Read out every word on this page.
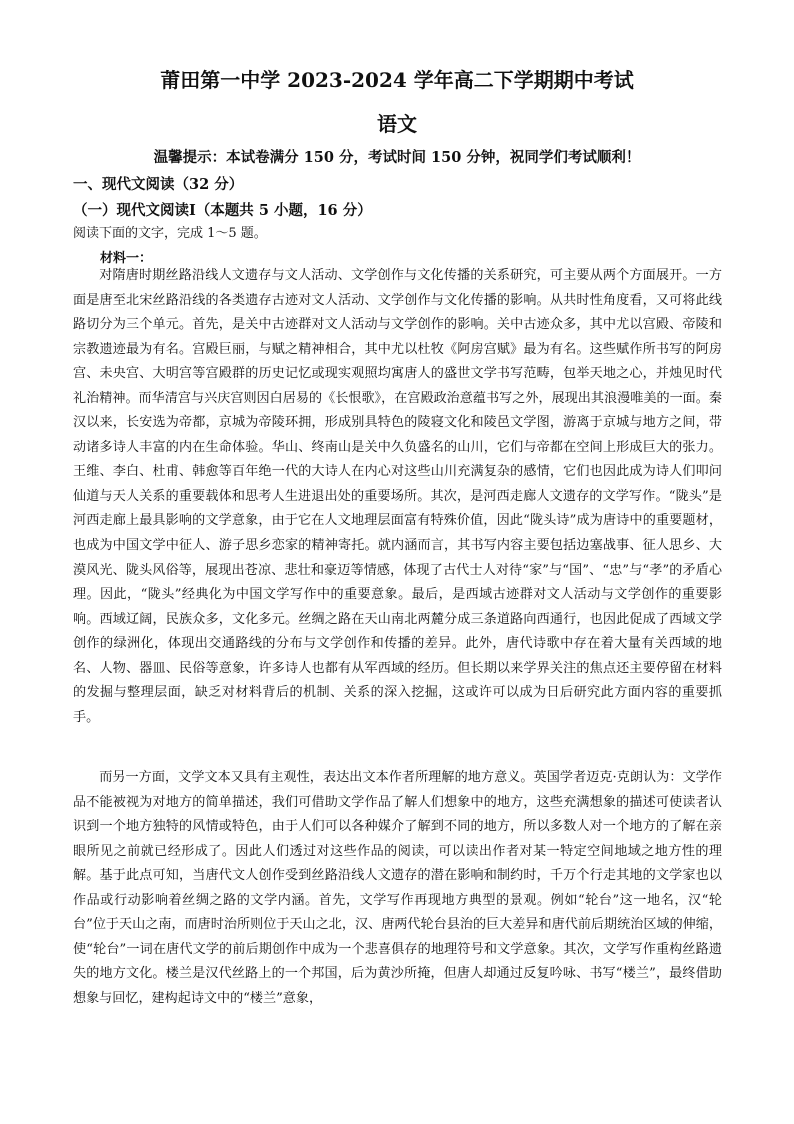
莆田第一中学 2023-2024 学年高二下学期期中考试
语文
温馨提示：本试卷满分 150 分，考试时间 150 分钟，祝同学们考试顺利！
一、现代文阅读（32 分）
（一）现代文阅读Ⅰ（本题共 5 小题，16 分）
阅读下面的文字，完成 1～5 题。
材料一：

对隋唐时期丝路沿线人文遗存与文人活动、文学创作与文化传播的关系研究，可主要从两个方面展开。一方面是唐至北宋丝路沿线的各类遗存古迹对文人活动、文学创作与文化传播的影响。从共时性角度看，又可将此线路切分为三个单元。首先，是关中古迹群对文人活动与文学创作的影响。关中古迹众多，其中尤以宫殿、帝陵和宗教遗迹最为有名。宫殿巨丽，与赋之精神相合，其中尤以杜牧《阿房宫赋》最为有名。这些赋作所书写的阿房宫、未央宫、大明宫等宫殿群的历史记忆或现实观照均寓唐人的盛世文学书写范畴，包举天地之心，并烛见时代礼治精神。而华清宫与兴庆宫则因白居易的《长恨歌》，在宫殿政治意蕴书写之外，展现出其浪漫唯美的一面。秦汉以来，长安选为帝都，京城为帝陵环拥，形成别具特色的陵寝文化和陵邑文学图，游离于京城与地方之间，带动诸多诗人丰富的内在生命体验。华山、终南山是关中久负盛名的山川，它们与帝都在空间上形成巨大的张力。王维、李白、杜甫、韩愈等百年绝一代的大诗人在内心对这些山川充满复杂的感情，它们也因此成为诗人们叩问仙道与天人关系的重要载体和思考人生进退出处的重要场所。其次，是河西走廊人文遗存的文学写作。“陇头”是河西走廊上最具影响的文学意象，由于它在人文地理层面富有特殊价值，因此“陇头诗”成为唐诗中的重要题材，也成为中国文学中征人、游子思乡恋家的精神寄托。就内涵而言，其书写内容主要包括边塞战事、征人思乡、大漠风光、陇头风俗等，展现出苍凉、悲壮和豪迈等情感，体现了古代士人对待“家”与“国”、“忠”与“孝”的矛盾心理。因此，“陇头”经典化为中国文学写作中的重要意象。最后，是西域古迹群对文人活动与文学创作的重要影响。西域辽阔，民族众多，文化多元。丝绸之路在天山南北两麓分成三条道路向西通行，也因此促成了西域文学创作的绿洲化，体现出交通路线的分布与文学创作和传播的差异。此外，唐代诗歌中存在着大量有关西域的地名、人物、器皿、民俗等意象，许多诗人也都有从军西域的经历。但长期以来学界关注的焦点还主要停留在材料的发掘与整理层面，缺乏对材料背后的机制、关系的深入挖掘，这或许可以成为日后研究此方面内容的重要抓手。

而另一方面，文学文本又具有主观性，表达出文本作者所理解的地方意义。英国学者迈克·克朗认为：文学作品不能被视为对地方的简单描述，我们可借助文学作品了解人们想象中的地方，这些充满想象的描述可使读者认识到一个地方独特的风情或特色，由于人们可以各种媒介了解到不同的地方，所以多数人对一个地方的了解在亲眼所见之前就已经形成了。因此人们透过对这些作品的阅读，可以读出作者对某一特定空间地域之地方性的理解。基于此点可知，当唐代文人创作受到丝路沿线人文遗存的潜在影响和制约时，千万个行走其地的文学家也以作品或行动影响着丝绸之路的文学内涵。首先，文学写作再现地方典型的景观。例如“轮台”这一地名，汉“轮台”位于天山之南，而唐时治所则位于天山之北，汉、唐两代轮台县治的巨大差异和唐代前后期统治区域的伸缩，使“轮台”一词在唐代文学的前后期创作中成为一个悲喜俱存的地理符号和文学意象。其次，文学写作重构丝路遗失的地方文化。楼兰是汉代丝路上的一个邦国，后为黄沙所掩，但唐人却通过反复吟咏、书写“楼兰”，最终借助想象与回忆，建构起诗文中的“楼兰”意象，
